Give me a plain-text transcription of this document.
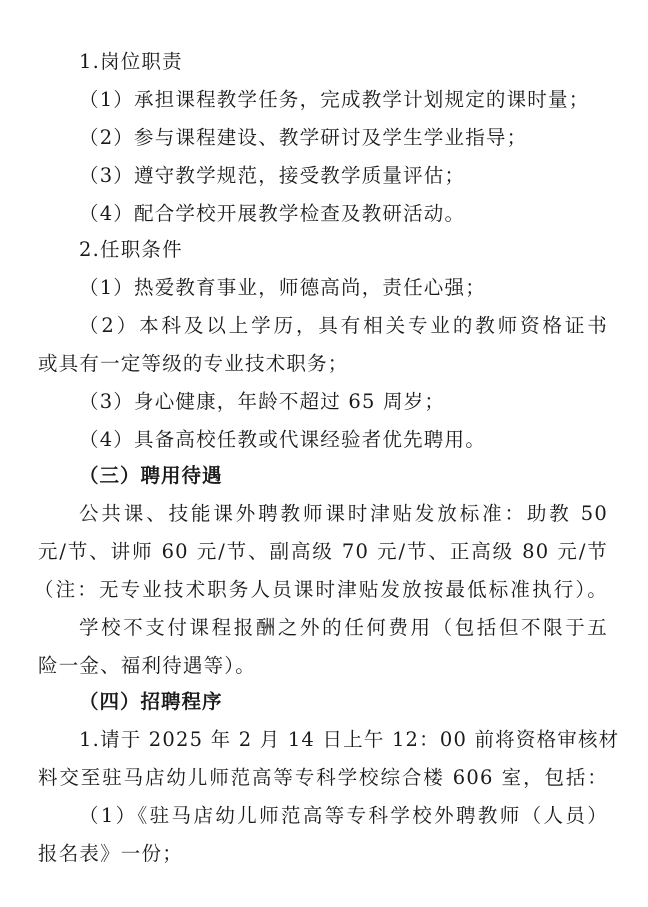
1.岗位职责
（1）承担课程教学任务，完成教学计划规定的课时量；
（2）参与课程建设、教学研讨及学生学业指导；
（3）遵守教学规范，接受教学质量评估；
（4）配合学校开展教学检查及教研活动。
2.任职条件
（1）热爱教育事业，师德高尚，责任心强；
（2）本科及以上学历，具有相关专业的教师资格证书
或具有一定等级的专业技术职务；
（3）身心健康，年龄不超过 65 周岁；
（4）具备高校任教或代课经验者优先聘用。
（三）聘用待遇
公共课、技能课外聘教师课时津贴发放标准：助教 50
元/节、讲师 60 元/节、副高级 70 元/节、正高级 80 元/节
（注：无专业技术职务人员课时津贴发放按最低标准执行）。
学校不支付课程报酬之外的任何费用（包括但不限于五
险一金、福利待遇等）。
（四）招聘程序
1.请于 2025 年 2 月 14 日上午 12：00 前将资格审核材
料交至驻马店幼儿师范高等专科学校综合楼 606 室，包括：
（1）《驻马店幼儿师范高等专科学校外聘教师（人员）
报名表》一份；
